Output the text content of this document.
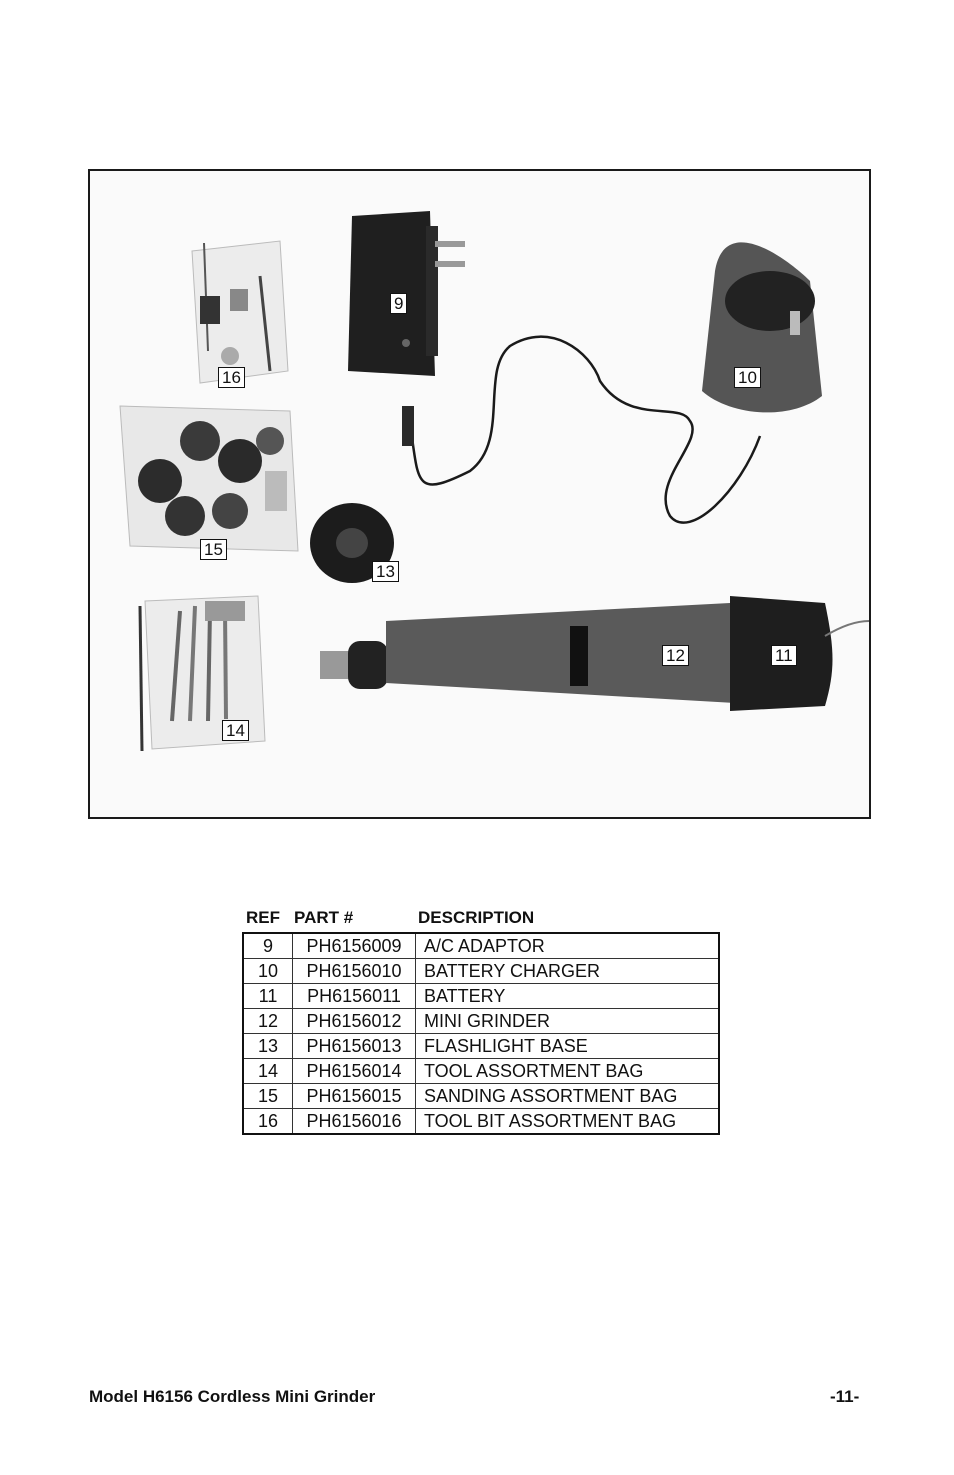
9
10
11
12
13
14
15
16
REF PART #	DESCRIPTION
9	PH6156009	A/C ADAPTOR
10	PH6156010	BATTERY CHARGER
11	PH6156011	BATTERY
12	PH6156012	MINI GRINDER
13	PH6156013	FLASHLIGHT BASE
14	PH6156014	TOOL ASSORTMENT BAG
15	PH6156015	SANDING ASSORTMENT BAG
16	PH6156016	TOOL BIT ASSORTMENT BAG
Model H6156 Cordless Mini Grinder	-11-
